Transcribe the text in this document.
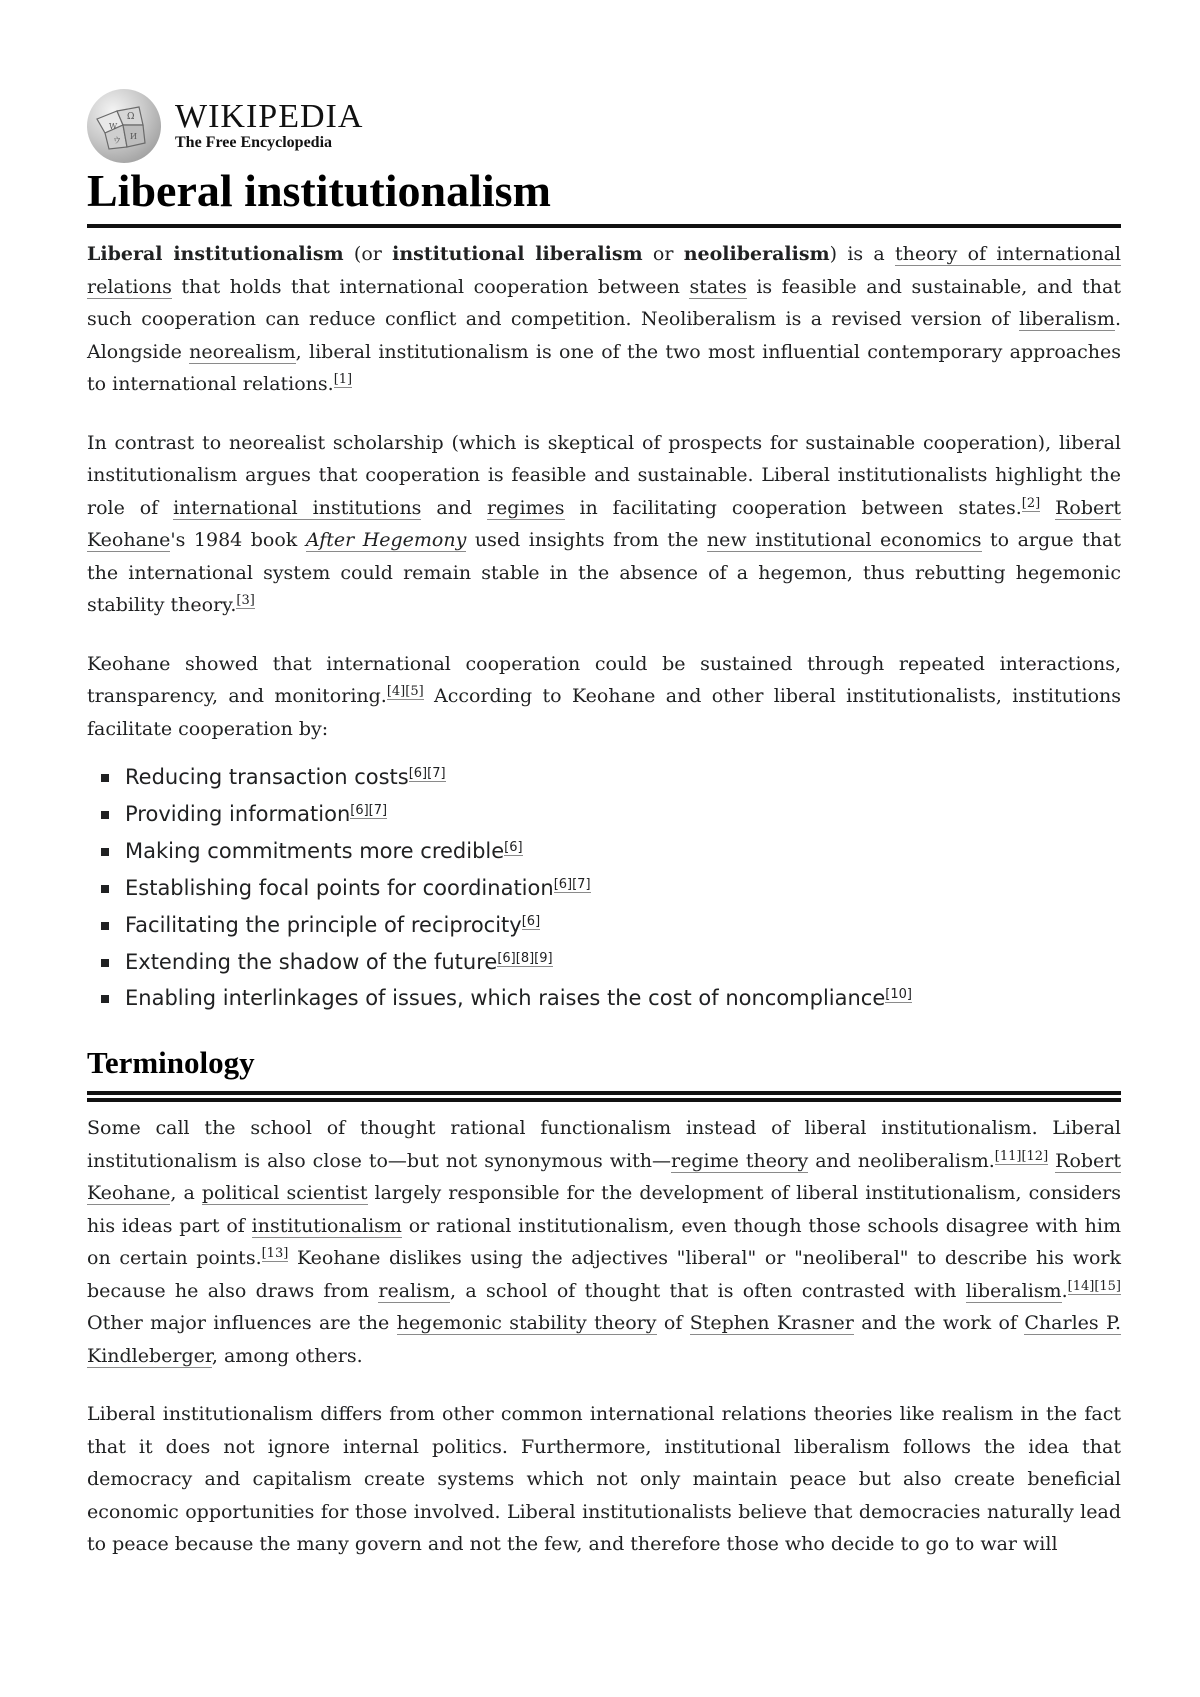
Ω
W
И
ウ
WIKIPEDIA
The Free Encyclopedia
Liberal institutionalism

Liberal institutionalism (or institutional liberalism or neoliberalism) is a theory of international relations that holds that international cooperation between states is feasible and sustainable, and that such cooperation can reduce conflict and competition. Neoliberalism is a revised version of liberalism. Alongside neorealism, liberal institutionalism is one of the two most influential contemporary approaches to international relations.[1]

In contrast to neorealist scholarship (which is skeptical of prospects for sustainable cooperation), liberal institutionalism argues that cooperation is feasible and sustainable. Liberal institutionalists highlight the role of international institutions and regimes in facilitating cooperation between states.[2] Robert Keohane's 1984 book After Hegemony used insights from the new institutional economics to argue that the international system could remain stable in the absence of a hegemon, thus rebutting hegemonic stability theory.[3]

Keohane showed that international cooperation could be sustained through repeated interactions, transparency, and monitoring.[4][5] According to Keohane and other liberal institutionalists, institutions facilitate cooperation by:

Reducing transaction costs[6][7]
Providing information[6][7]
Making commitments more credible[6]
Establishing focal points for coordination[6][7]
Facilitating the principle of reciprocity[6]
Extending the shadow of the future[6][8][9]
Enabling interlinkages of issues, which raises the cost of noncompliance[10]
Terminology

Some call the school of thought rational functionalism instead of liberal institutionalism. Liberal institutionalism is also close to—but not synonymous with—regime theory and neoliberalism.[11][12] Robert Keohane, a political scientist largely responsible for the development of liberal institutionalism, considers his ideas part of institutionalism or rational institutionalism, even though those schools disagree with him on certain points.[13] Keohane dislikes using the adjectives "liberal" or "neoliberal" to describe his work because he also draws from realism, a school of thought that is often contrasted with liberalism.[14][15] Other major influences are the hegemonic stability theory of Stephen Krasner and the work of Charles P. Kindleberger, among others.

Liberal institutionalism differs from other common international relations theories like realism in the fact that it does not ignore internal politics. Furthermore, institutional liberalism follows the idea that democracy and capitalism create systems which not only maintain peace but also create beneficial economic opportunities for those involved. Liberal institutionalists believe that democracies naturally lead to peace because the many govern and not the few, and therefore those who decide to go to war will
